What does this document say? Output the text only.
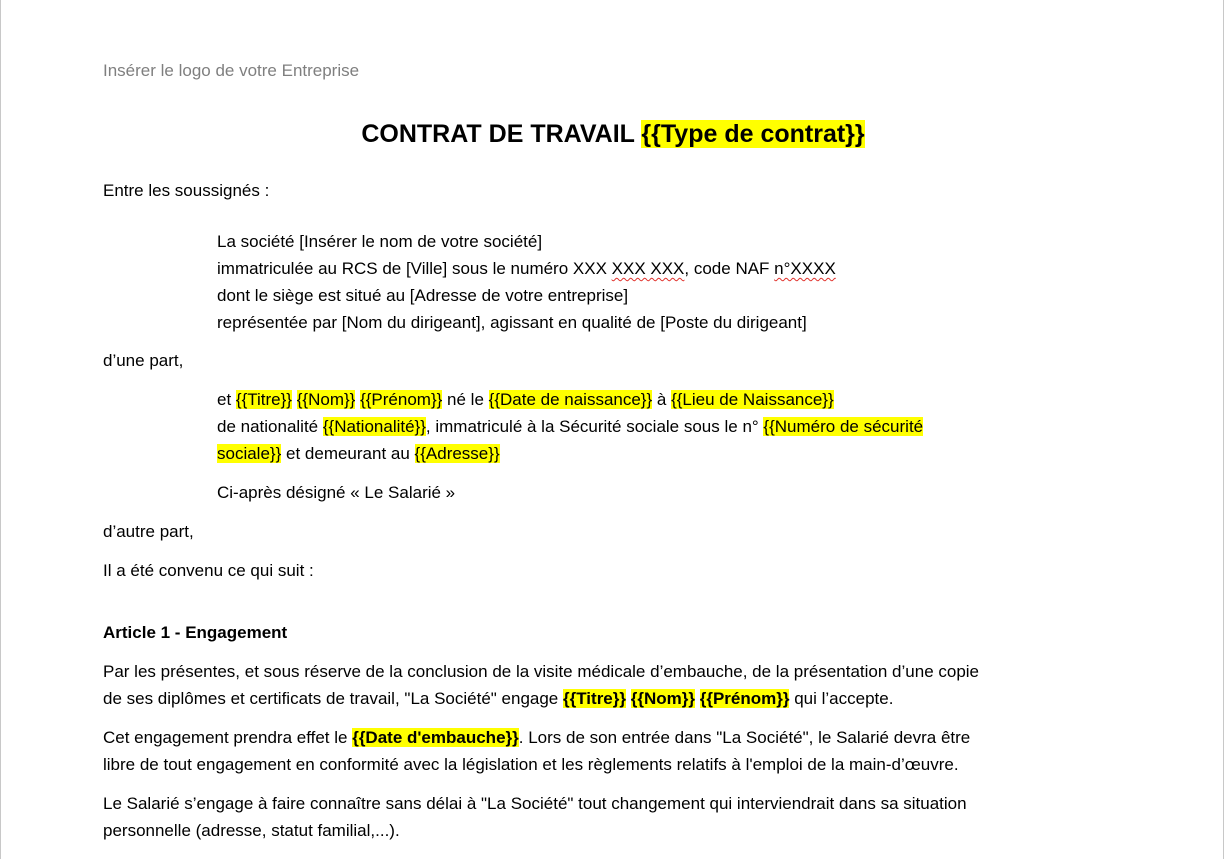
Insérer le logo de votre Entreprise
CONTRAT DE TRAVAIL {{Type de contrat}}
Entre les soussignés :
La société [Insérer le nom de votre société]
immatriculée au RCS de [Ville] sous le numéro XXX XXX XXX, code NAF n°XXXX
dont le siège est situé au [Adresse de votre entreprise]
représentée par [Nom du dirigeant], agissant en qualité de [Poste du dirigeant]
d’une part,
et {{Titre}} {{Nom}} {{Prénom}} né le {{Date de naissance}} à {{Lieu de Naissance}}
de nationalité {{Nationalité}}, immatriculé à la Sécurité sociale sous le n° {{Numéro de sécurité
sociale}} et demeurant au {{Adresse}}
Ci-après désigné « Le Salarié »
d’autre part,
Il a été convenu ce qui suit :
Article 1 - Engagement
Par les présentes, et sous réserve de la conclusion de la visite médicale d’embauche, de la présentation d’une copie
de ses diplômes et certificats de travail, "La Société" engage {{Titre}} {{Nom}} {{Prénom}} qui l’accepte.
Cet engagement prendra effet le {{Date d'embauche}}. Lors de son entrée dans "La Société", le Salarié devra être
libre de tout engagement en conformité avec la législation et les règlements relatifs à l'emploi de la main-d’œuvre.
Le Salarié s’engage à faire connaître sans délai à "La Société" tout changement qui interviendrait dans sa situation
personnelle (adresse, statut familial,...).
